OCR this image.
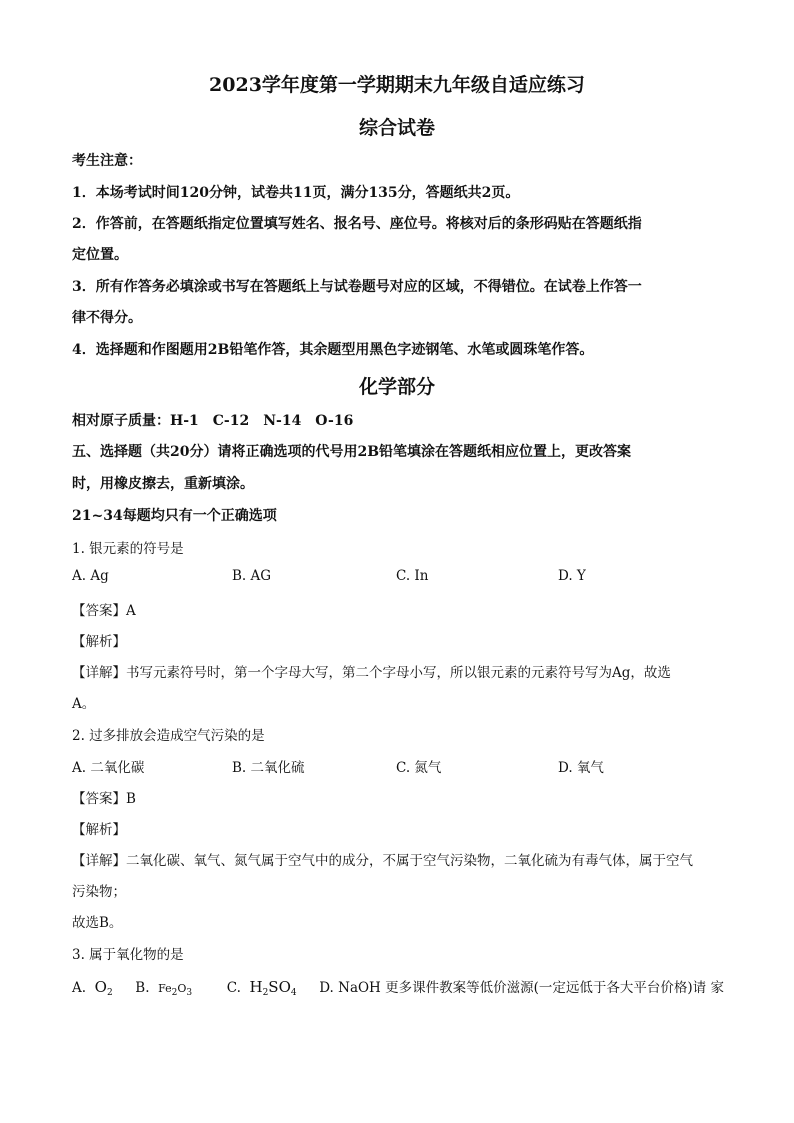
2023学年度第一学期期末九年级自适应练习
综合试卷
考生注意：
1．本场考试时间120分钟，试卷共11页，满分135分，答题纸共2页。
2．作答前，在答题纸指定位置填写姓名、报名号、座位号。将核对后的条形码贴在答题纸指
定位置。
3．所有作答务必填涂或书写在答题纸上与试卷题号对应的区域，不得错位。在试卷上作答一
律不得分。
4．选择题和作图题用2B铅笔作答，其余题型用黑色字迹钢笔、水笔或圆珠笔作答。
化学部分
相对原子质量：H-1　C-12　N-14　O-16
五、选择题（共20分）请将正确选项的代号用2B铅笔填涂在答题纸相应位置上，更改答案
时，用橡皮擦去，重新填涂。
21~34每题均只有一个正确选项
1. 银元素的符号是
A. Ag	B. AG	C. In	D. Y
【答案】A
【解析】
【详解】书写元素符号时，第一个字母大写，第二个字母小写，所以银元素的元素符号写为Ag，故选
A。
2. 过多排放会造成空气污染的是
A. 二氧化碳	B. 二氧化硫	C. 氮气	D. 氧气
【答案】B
【解析】
【详解】二氧化碳、氧气、氮气属于空气中的成分，不属于空气污染物，二氧化硫为有毒气体，属于空气
污染物；
故选B。
3. 属于氧化物的是
A. $O_2$ B. $Fe_2O_3$	C. $H_2SO_4$ D. NaOH 更多课件教案等低价滋源(一定远低于各大平台价格)请 家
